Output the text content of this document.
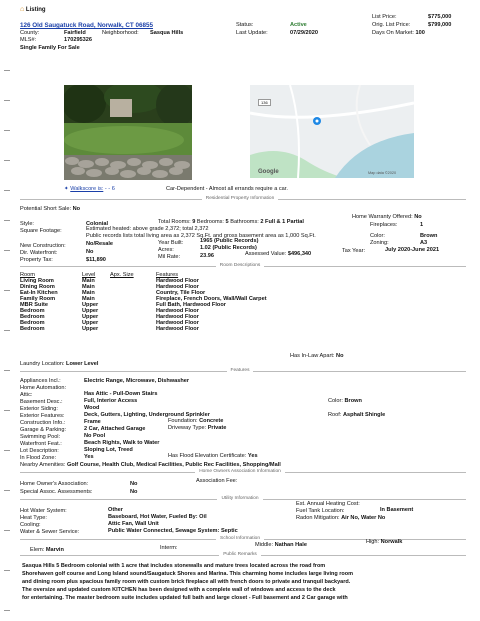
⌂ Listing
126 Old Saugatuck Road, Norwalk, CT 06855
County:	Fairfield	Neighborhood: Sasqua Hills
MLS#:	170295326
Single Family For Sale
Status:	Active
Last Update:	07/29/2020
List Price:	$775,000
Orig. List Price:	$799,000
Days On Market: 100
136
Google	Map data ©2020
✦ Walkscore is: - - 6	Car-Dependent - Almost all errands require a car.
Residential Property Information
Potential Short Sale: No
Style:	Colonial	Total Rooms: 9 Bedrooms: 5 Bathrooms: 2 Full & 1 Partial
Home Warranty Offered: No
Square Footage:	Estimated heated: above grade 2,372; total 2,372
Public records lists total living area as 2,372 Sq.Ft. and gross basement area as 1,000 Sq.Ft.
Fireplaces:	1
New Construction:	No/Resale	Year Built:	1965 (Public Records)
Color:	Brown
Dir. Waterfront:	No	Acres:	1.02 (Public Records)
Zoning:	A3
Property Tax:	$11,890	Mil Rate:	23.96	Assessed Value: $496,340	Tax Year:	July 2020-June 2021
Room Descriptions
Room	Level	Apx. Size	Features
Living Room	Main		Hardwood Floor
Dining Room	Main		Hardwood Floor
Eat-In Kitchen	Main		Country, Tile Floor
Family Room	Main		Fireplace, French Doors, Wall/Wall Carpet
MBR Suite	Upper		Full Bath, Hardwood Floor
Bedroom	Upper		Hardwood Floor
Bedroom	Upper		Hardwood Floor
Bedroom	Upper		Hardwood Floor
Bedroom	Upper		Hardwood Floor
Has In-Law Apart: No
Laundry Location: Lower Level
Features
Appliances Incl.:	Electric Range, Microwave, Dishwasher
Home Automation:
Attic:	Has Attic - Pull-Down Stairs
Basement Desc.:	Full, Interior Access	Color: Brown
Exterior Siding:	Wood
Exterior Features:	Deck, Gutters, Lighting, Underground Sprinkler	Roof: Asphalt Shingle
Construction Info.:	Frame	Foundation: Concrete
Garage & Parking:	2 Car, Attached Garage	Driveway Type: Private
Swimming Pool:	No Pool
Waterfront Feat.:	Beach Rights, Walk to Water
Lot Description:	Sloping Lot, Treed
In Flood Zone:	Yes	Has Flood Elevation Certificate: Yes
Nearby Amenities: Golf Course, Health Club, Medical Facilities, Public Rec Facilities, Shopping/Mall
Home Owners Association Information
Home Owner's Association:	No	Association Fee:
Special Assoc. Assessments:	No
Utility Information
Est. Annual Heating Cost:
Hot Water System:	Other	Fuel Tank Location:	In Basement
Heat Type:	Baseboard, Hot Water, Fueled By: Oil	Radon Mitigation: Air No, Water No
Cooling:	Attic Fan, Wall Unit
Water & Sewer Service:	Public Water Connected, Sewage System: Septic
School Information
Elem: Marvin	Interm:	Middle: Nathan Hale	High: Norwalk
Public Remarks
Sasqua Hills 5 Bedroom colonial with 1 acre that includes stonewalls and mature trees located across the road from
Shorehaven golf course and Long Island sound/Saugatuck Shores and Marina. This charming home includes large living room
and dining room plus spacious family room with custom brick fireplace all with french doors to private and tranquil backyard.
The oversize and updated custom KITCHEN has been designed with a complete wall of windows and access to the deck
for entertaining. The master bedroom suite includes updated full bath and large closet - Full basement and 2 Car garage with
